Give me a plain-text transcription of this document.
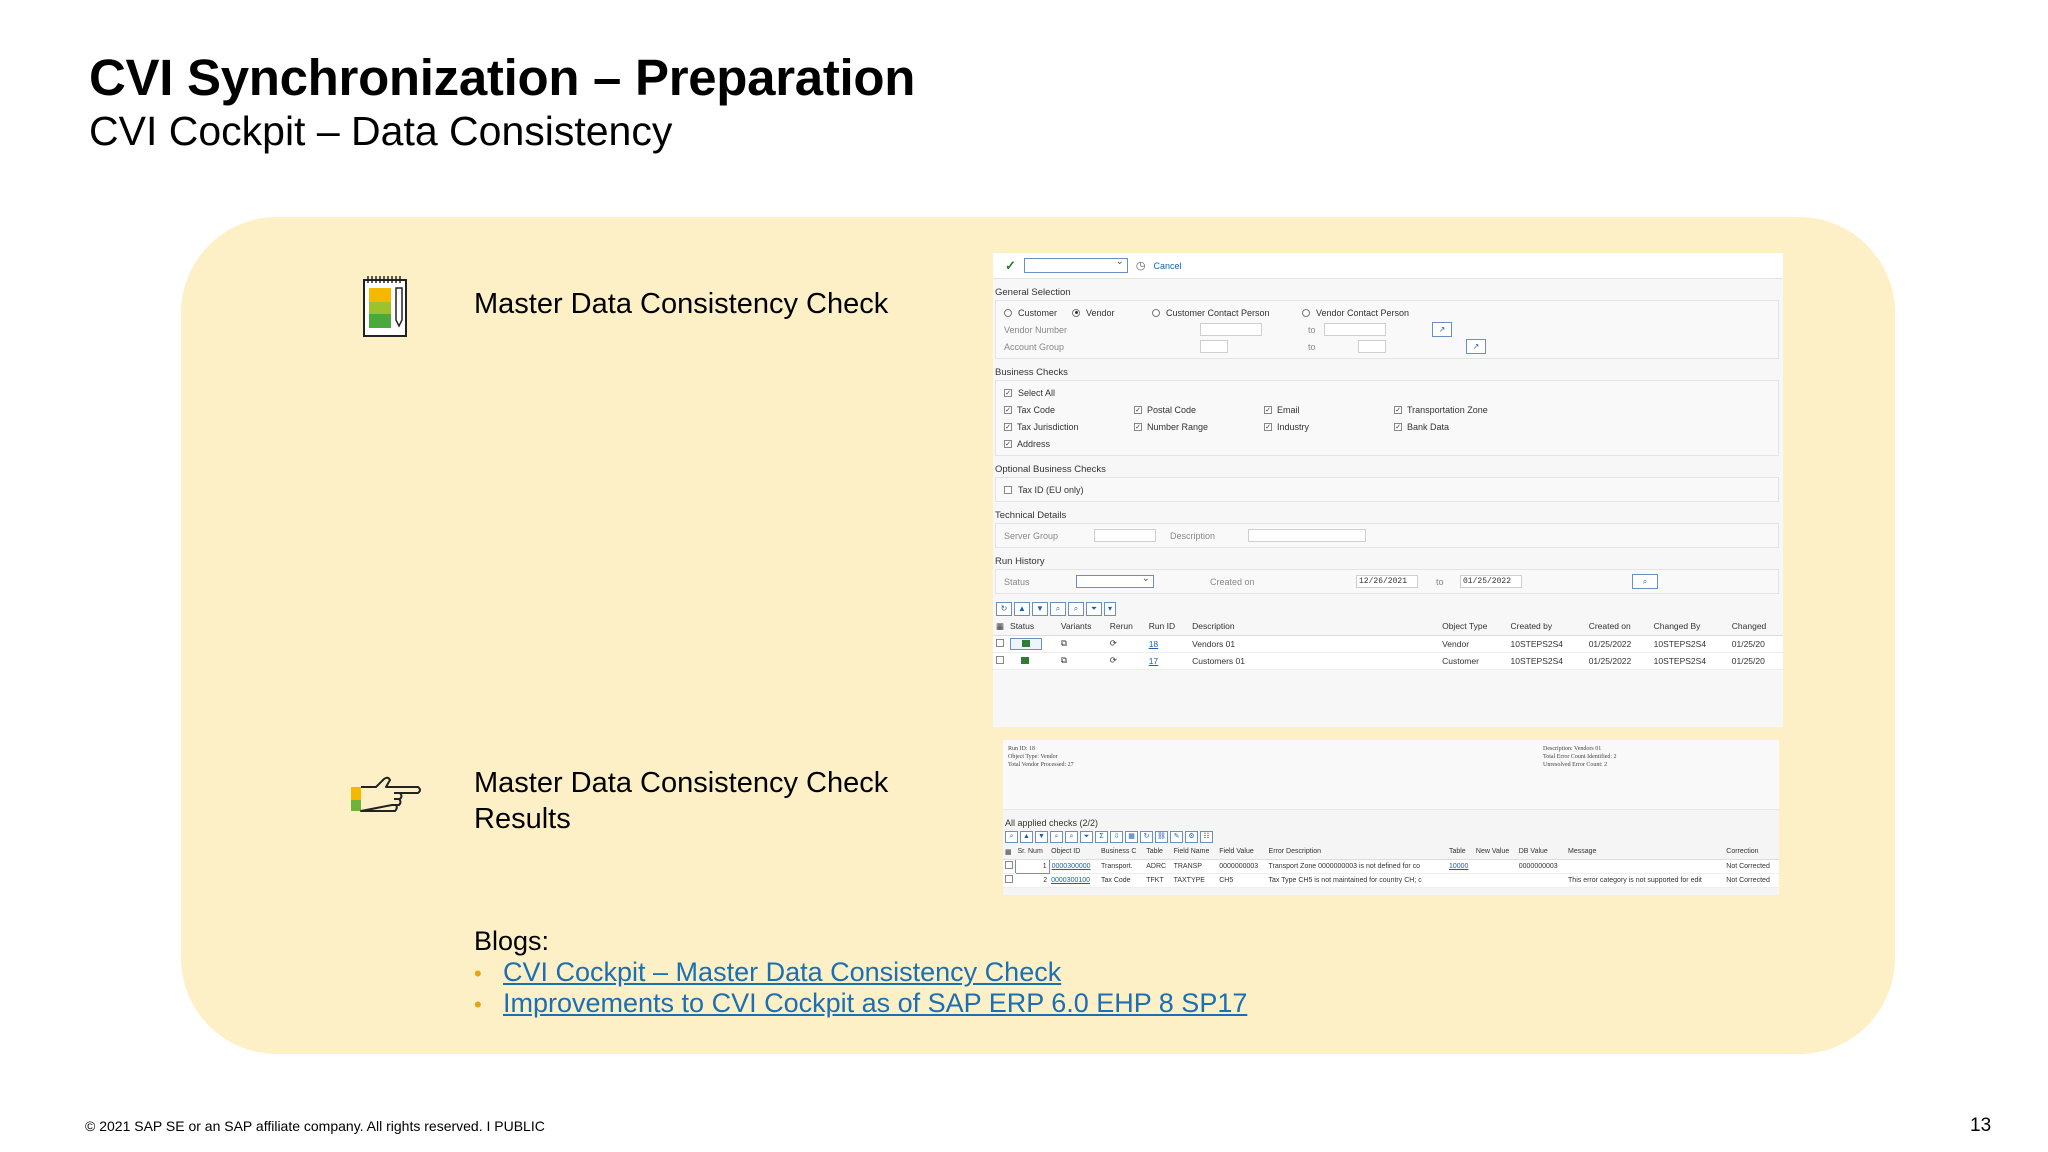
CVI Synchronization – Preparation
CVI Cockpit – Data Consistency
Master Data Consistency Check
Master Data Consistency Check Results
✓ ⌄	◷ Cancel
General Selection
Customer	Vendor	Customer Contact Person	Vendor Contact Person
Vendor Number	to	↗
Account Group	to	↗
Business Checks
✓ Select All
✓ Tax Code	✓ Postal Code	✓ Email	✓ Transportation Zone
✓ Tax Jurisdiction	✓ Number Range	✓ Industry	✓ Bank Data
✓ Address
Optional Business Checks
Tax ID (EU only)
Technical Details
Server Group	Description
Run History
Status ⌄	Created on	12/26/2021	to	01/25/2022	⌕
↻	▲	▼	⌕	⌕	⏷	▾
▦	Status	Variants	Rerun	Run ID	Description	Object Type	Created by	Created on	Changed By	Changed
		⧉	⟳	18	Vendors 01	Vendor	10STEPS2S4	01/25/2022	10STEPS2S4	01/25/20
		⧉	⟳	17	Customers 01	Customer	10STEPS2S4	01/25/2022	10STEPS2S4	01/25/20
Run ID: 18
Object Type: Vendor
Total Vendor Processed: 27
Description: Vendors 01
Total Error Count Identified: 2
Unresolved Error Count: 2
All applied checks (2/2)
⌕	▲	▼	⌕	⌕	⏷	Σ	⇩	▦	↻	⛓	✎	⚙	☷
▦	Sr. Num	Object ID	Business C	Table	Field Name	Field Value	Error Description	Table	New Value	DB Value	Message	Correction
	1	0000300000	Transport.	ADRC	TRANSP	0000000003	Transport Zone 0000000003 is not defined for co	10000		0000000003		Not Corrected
	2	0000300100	Tax Code	TFKT	TAXTYPE	CH5	Tax Type CH5 is not maintained for country CH; c				This error category is not supported for edit	Not Corrected
Blogs:
• CVI Cockpit – Master Data Consistency Check
• Improvements to CVI Cockpit as of SAP ERP 6.0 EHP 8 SP17
© 2021 SAP SE or an SAP affiliate company. All rights reserved. I PUBLIC	13
